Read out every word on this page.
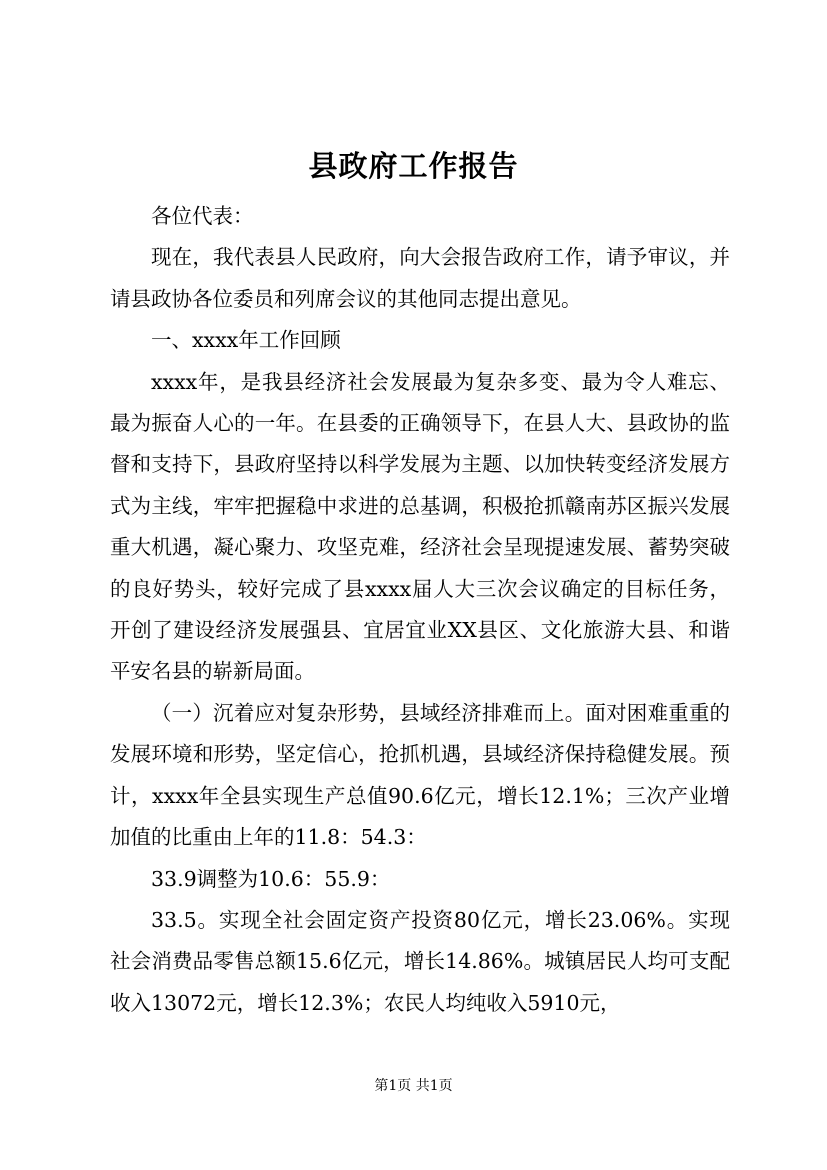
县政府工作报告

各位代表：

现在，我代表县人民政府，向大会报告政府工作，请予审议，并请县政协各位委员和列席会议的其他同志提出意见。

一、xxxx年工作回顾

xxxx年，是我县经济社会发展最为复杂多变、最为令人难忘、最为振奋人心的一年。在县委的正确领导下，在县人大、县政协的监督和支持下，县政府坚持以科学发展为主题、以加快转变经济发展方式为主线，牢牢把握稳中求进的总基调，积极抢抓赣南苏区振兴发展重大机遇，凝心聚力、攻坚克难，经济社会呈现提速发展、蓄势突破的良好势头，较好完成了县xxxx届人大三次会议确定的目标任务，开创了建设经济发展强县、宜居宜业XX县区、文化旅游大县、和谐平安名县的崭新局面。

（一）沉着应对复杂形势，县域经济排难而上。面对困难重重的发展环境和形势，坚定信心，抢抓机遇，县域经济保持稳健发展。预计，xxxx年全县实现生产总值90.6亿元，增长12.1%；三次产业增加值的比重由上年的11.8：54.3：

33.9调整为10.6：55.9：

33.5。实现全社会固定资产投资80亿元，增长23.06%。实现社会消费品零售总额15.6亿元，增长14.86%。城镇居民人均可支配收入13072元，增长12.3%；农民人均纯收入5910元，

第1页 共1页
